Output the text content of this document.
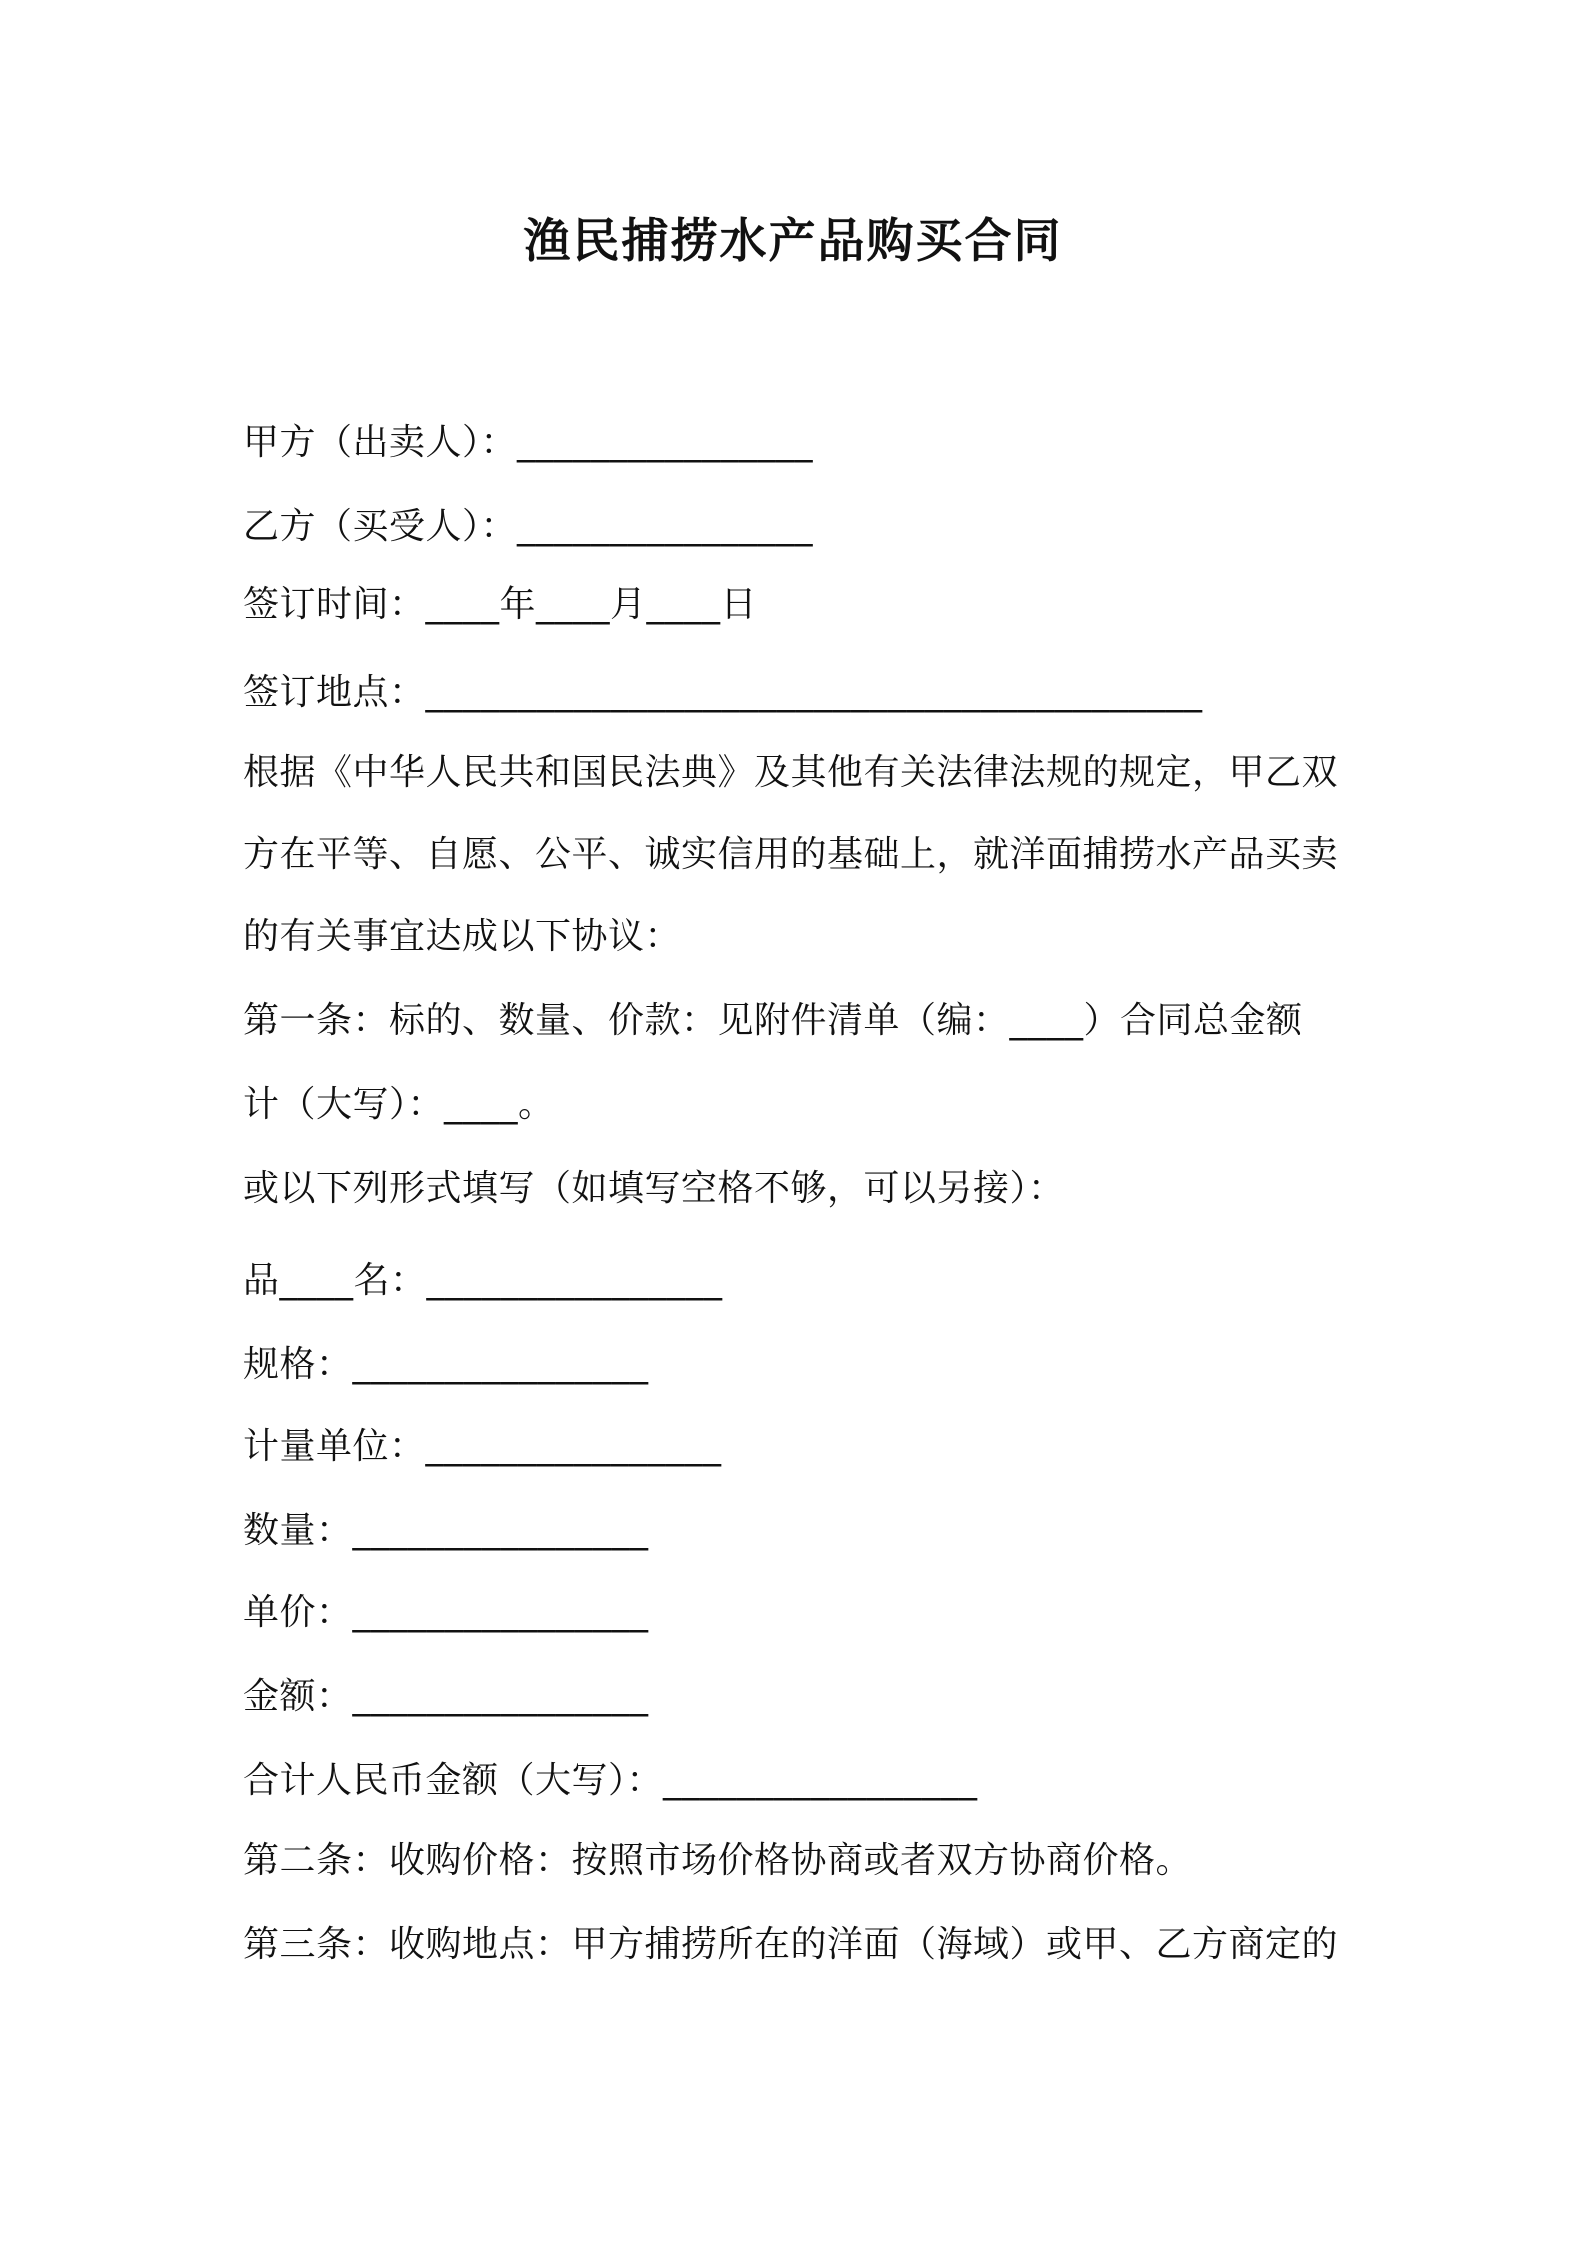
渔民捕捞水产品购买合同
甲方（出卖人）：________________
乙方（买受人）：________________
签订时间：____年____月____日
签订地点：__________________________________________
根据《中华人民共和国民法典》及其他有关法律法规的规定，甲乙双
方在平等、自愿、公平、诚实信用的基础上，就洋面捕捞水产品买卖
的有关事宜达成以下协议：
第一条：标的、数量、价款：见附件清单（编：____）合同总金额
计（大写）：____。
或以下列形式填写（如填写空格不够，可以另接）：
品____名：________________
规格：________________
计量单位：________________
数量：________________
单价：________________
金额：________________
合计人民币金额（大写）：_________________
第二条：收购价格：按照市场价格协商或者双方协商价格。
第三条：收购地点：甲方捕捞所在的洋面（海域）或甲、乙方商定的
